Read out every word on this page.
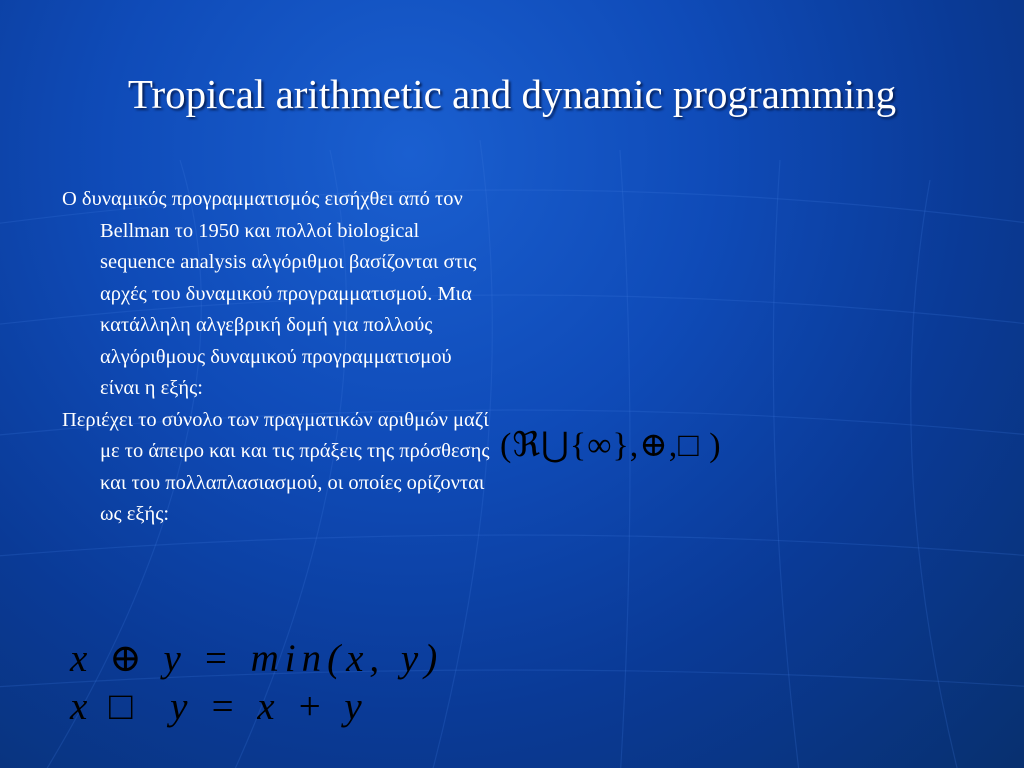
Tropical arithmetic and dynamic programming

Ο δυναμικός προγραμματισμός εισήχθει από τον Bellman το 1950 και πολλοί biological sequence analysis αλγόριθμοι βασίζονται στις αρχές του δυναμικού προγραμματισμού. Μια κατάλληλη αλγεβρική δομή για πολλούς αλγόριθμους δυναμικού προγραμματισμού είναι η εξής:

Περιέχει το σύνολο των πραγματικών αριθμών μαζί με το άπειρο και και τις πράξεις της πρόσθεσης και του πολλαπλασιασμού, οι οποίες ορίζονται ως εξής:

(ℜ⋃{∞},⊕,□ )
x ⊕ y = min(x, y)
x □  y = x + y
